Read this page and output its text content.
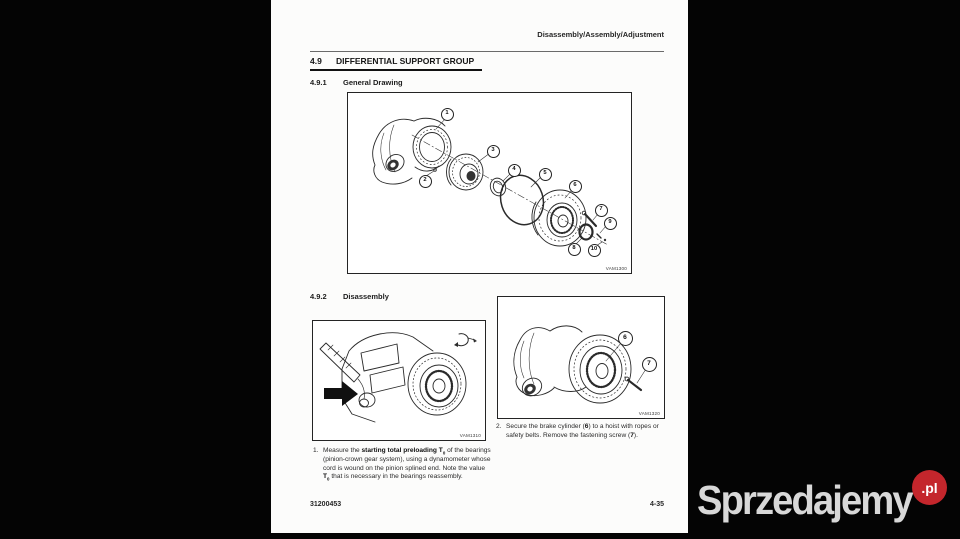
Disassembly/Assembly/Adjustment
4.9	DIFFERENTIAL SUPPORT GROUP
4.9.1	General Drawing
1
2
3
4
5
6
7
8
9
10
VAM1300
4.9.2	Disassembly
VAM1310
6
7
VAM1320
1. Measure the starting total preloading $T_0$ of the bearings (pinion-crown gear system), using a dynamometer whose cord is wound on the pinion splined end. Note the value $T_0$ that is necessary in the bearings reassembly.
2. Secure the brake cylinder (6) to a hoist with ropes or safety belts. Remove the fastening screw (7).
31200453	4-35 Sprzedajemy .pl
